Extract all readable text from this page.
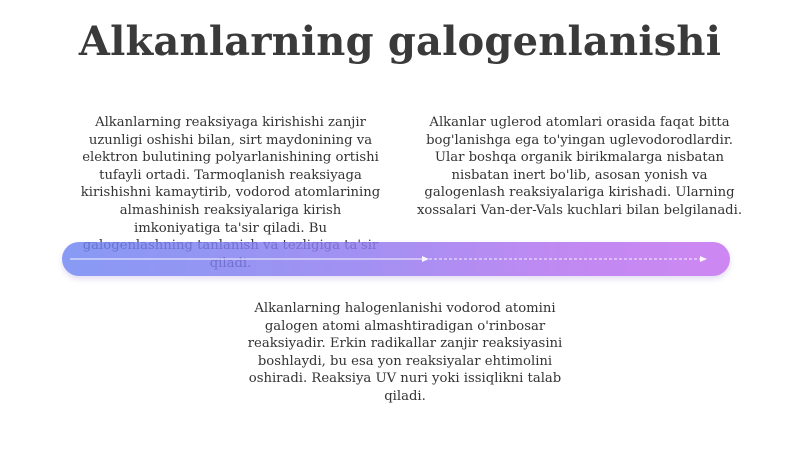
Alkanlarning galogenlanishi
Alkanlarning reaksiyaga kirishishi zanjir uzunligi oshishi bilan, sirt maydonining va elektron bulutining polyarlanishining ortishi tufayli ortadi. Tarmoqlanish reaksiyaga kirishishni kamaytirib, vodorod atomlarining almashinish reaksiyalariga kirish imkoniyatiga ta'sir qiladi. Bu
Alkanlar uglerod atomlari orasida faqat bitta bog'lanishga ega to'yingan uglevodorodlardir. Ular boshqa organik birikmalarga nisbatan nisbatan inert bo'lib, asosan yonish va galogenlash reaksiyalariga kirishadi. Ularning xossalari Van-der-Vals kuchlari bilan belgilanadi.
Alkanlarning halogenlanishi vodorod atomini galogen atomi almashtiradigan o'rinbosar reaksiyadir. Erkin radikallar zanjir reaksiyasini boshlaydi, bu esa yon reaksiyalar ehtimolini oshiradi. Reaksiya UV nuri yoki issiqlikni talab qiladi.
